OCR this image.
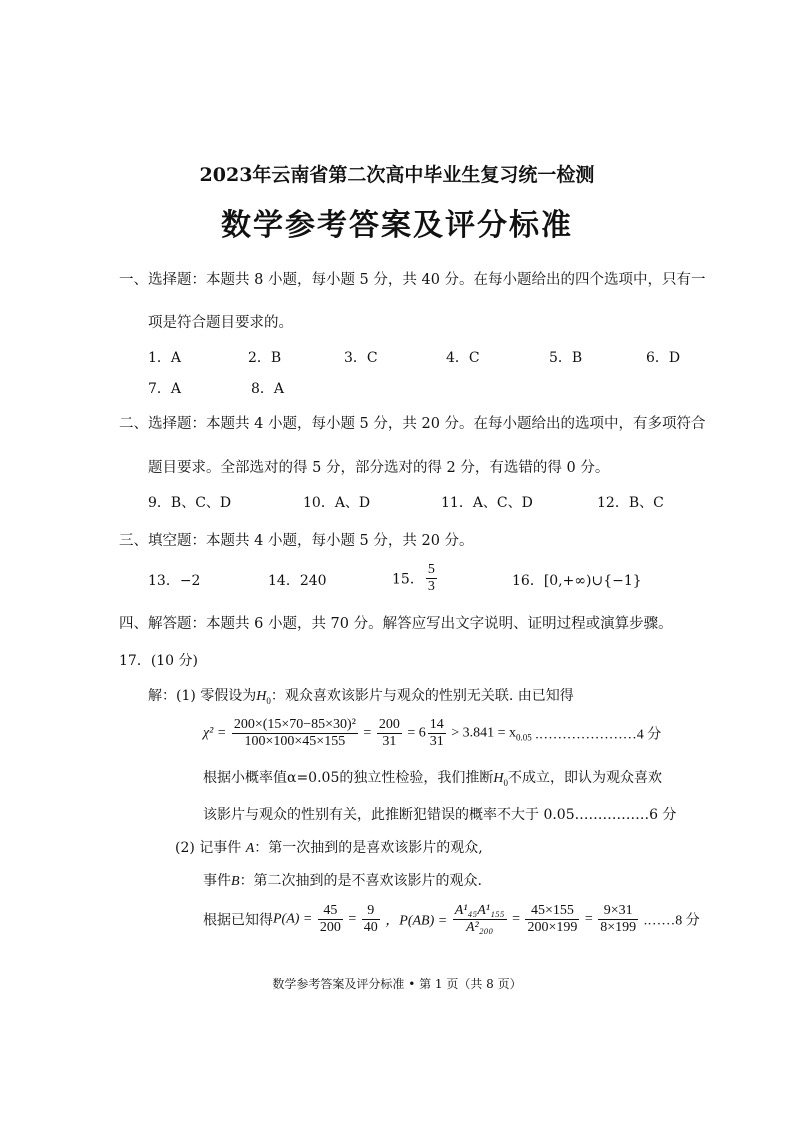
2023年云南省第二次高中毕业生复习统一检测
数学参考答案及评分标准
一、选择题：本题共 8 小题，每小题 5 分，共 40 分。在每小题给出的四个选项中，只有一
项是符合题目要求的。
1．A	2．B	3．C	4．C	5．B	6．D
7．A	8．A
二、选择题：本题共 4 小题，每小题 5 分，共 20 分。在每小题给出的选项中，有多项符合
题目要求。全部选对的得 5 分，部分选对的得 2 分，有选错的得 0 分。
9．B、C、D	10．A、D	11．A、C、D	12．B、C
三、填空题：本题共 4 小题，每小题 5 分，共 20 分。
13．−2	14．240	15． $\frac{5}{3}$	16．[0,+∞)∪{−1}
四、解答题：本题共 6 小题，共 70 分。解答应写出文字说明、证明过程或演算步骤。
17．(10 分)
解：(1) 零假设为$H_0$：观众喜欢该影片与观众的性别无关联. 由已知得
$\chi^2 = \frac{\text{200×(15×70−85×30)²}}{100\times 100\times 45\times 155} = \frac{200}{31} = 6 \frac{14}{31} > 3.841 = x_{0.05}$ .…………………4 分
根据小概率值α=0.05的独立性检验，我们推断$H_0$不成立，即认为观众喜欢
该影片与观众的性别有关，此推断犯错误的概率不大于 0.05.……………6 分
(2) 记事件 A：第一次抽到的是喜欢该影片的观众,
事件B：第二次抽到的是不喜欢该影片的观众.
根据已知得$P(A) = \frac{45}{200} = \frac{9}{40}$ ，$P(AB) = \frac{\text{A¹₄₅A¹₁₅₅}}{\text{A²₂₀₀}} = \frac{45\times 155}{200\times 199} = \frac{9\times 31}{8\times 199}$ .……8 分
数学参考答案及评分标准 • 第 1 页（共 8 页）
